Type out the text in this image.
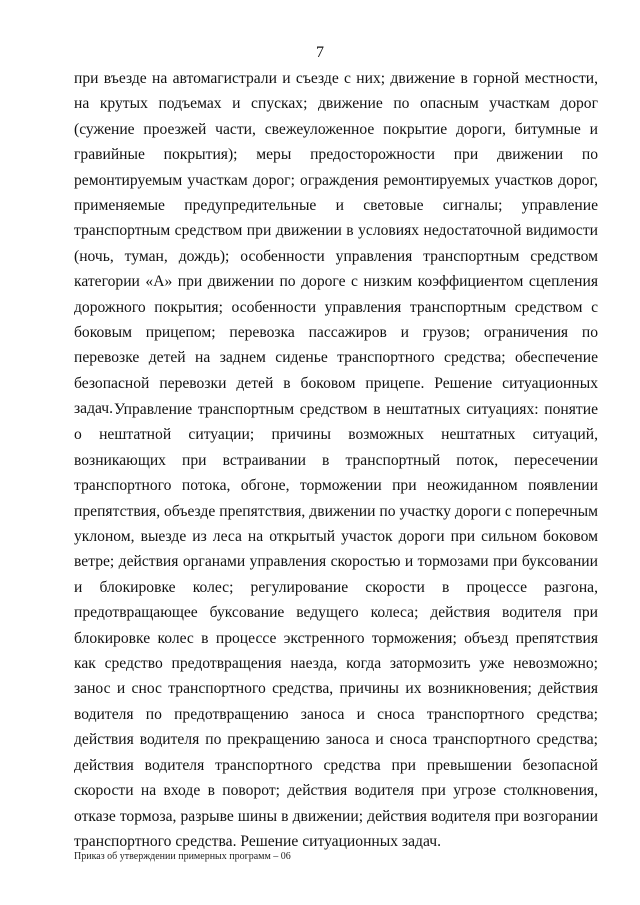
7

при въезде на автомагистрали и съезде с них; движение в горной местности, на крутых подъемах и спусках; движение по опасным участкам дорог (сужение проезжей части, свежеуложенное покрытие дороги, битумные и гравийные покрытия); меры предосторожности при движении по ремонтируемым участкам дорог; ограждения ремонтируемых участков дорог, применяемые предупредительные и световые сигналы; управление транспортным средством при движении в условиях недостаточной видимости (ночь, туман, дождь); особенности управления транспортным средством категории «А» при движении по дороге с низким коэффициентом сцепления дорожного покрытия; особенности управления транспортным средством с боковым прицепом; перевозка пассажиров и грузов; ограничения по перевозке детей на заднем сиденье транспортного средства; обеспечение безопасной перевозки детей в боковом прицепе. Решение ситуационных задач. Управление транспортным средством в нештатных ситуациях: понятие о нештатной ситуации; причины возможных нештатных ситуаций, возникающих при встраивании в транспортный поток, пересечении транспортного потока, обгоне, торможении при неожиданном появлении препятствия, объезде препятствия, движении по участку дороги с поперечным уклоном, выезде из леса на открытый участок дороги при сильном боковом ветре; действия органами управления скоростью и тормозами при буксовании и блокировке колес; регулирование скорости в процессе разгона, предотвращающее буксование ведущего колеса; действия водителя при блокировке колес в процессе экстренного торможения; объезд препятствия как средство предотвращения наезда, когда затормозить уже невозможно; занос и снос транспортного средства, причины их возникновения; действия водителя по предотвращению заноса и сноса транспортного средства; действия водителя по прекращению заноса и сноса транспортного средства; действия водителя транспортного средства при превышении безопасной скорости на входе в поворот; действия водителя при угрозе столкновения, отказе тормоза, разрыве шины в движении; действия водителя при возгорании транспортного средства. Решение ситуационных задач.

Приказ об утверждении примерных программ – 06
